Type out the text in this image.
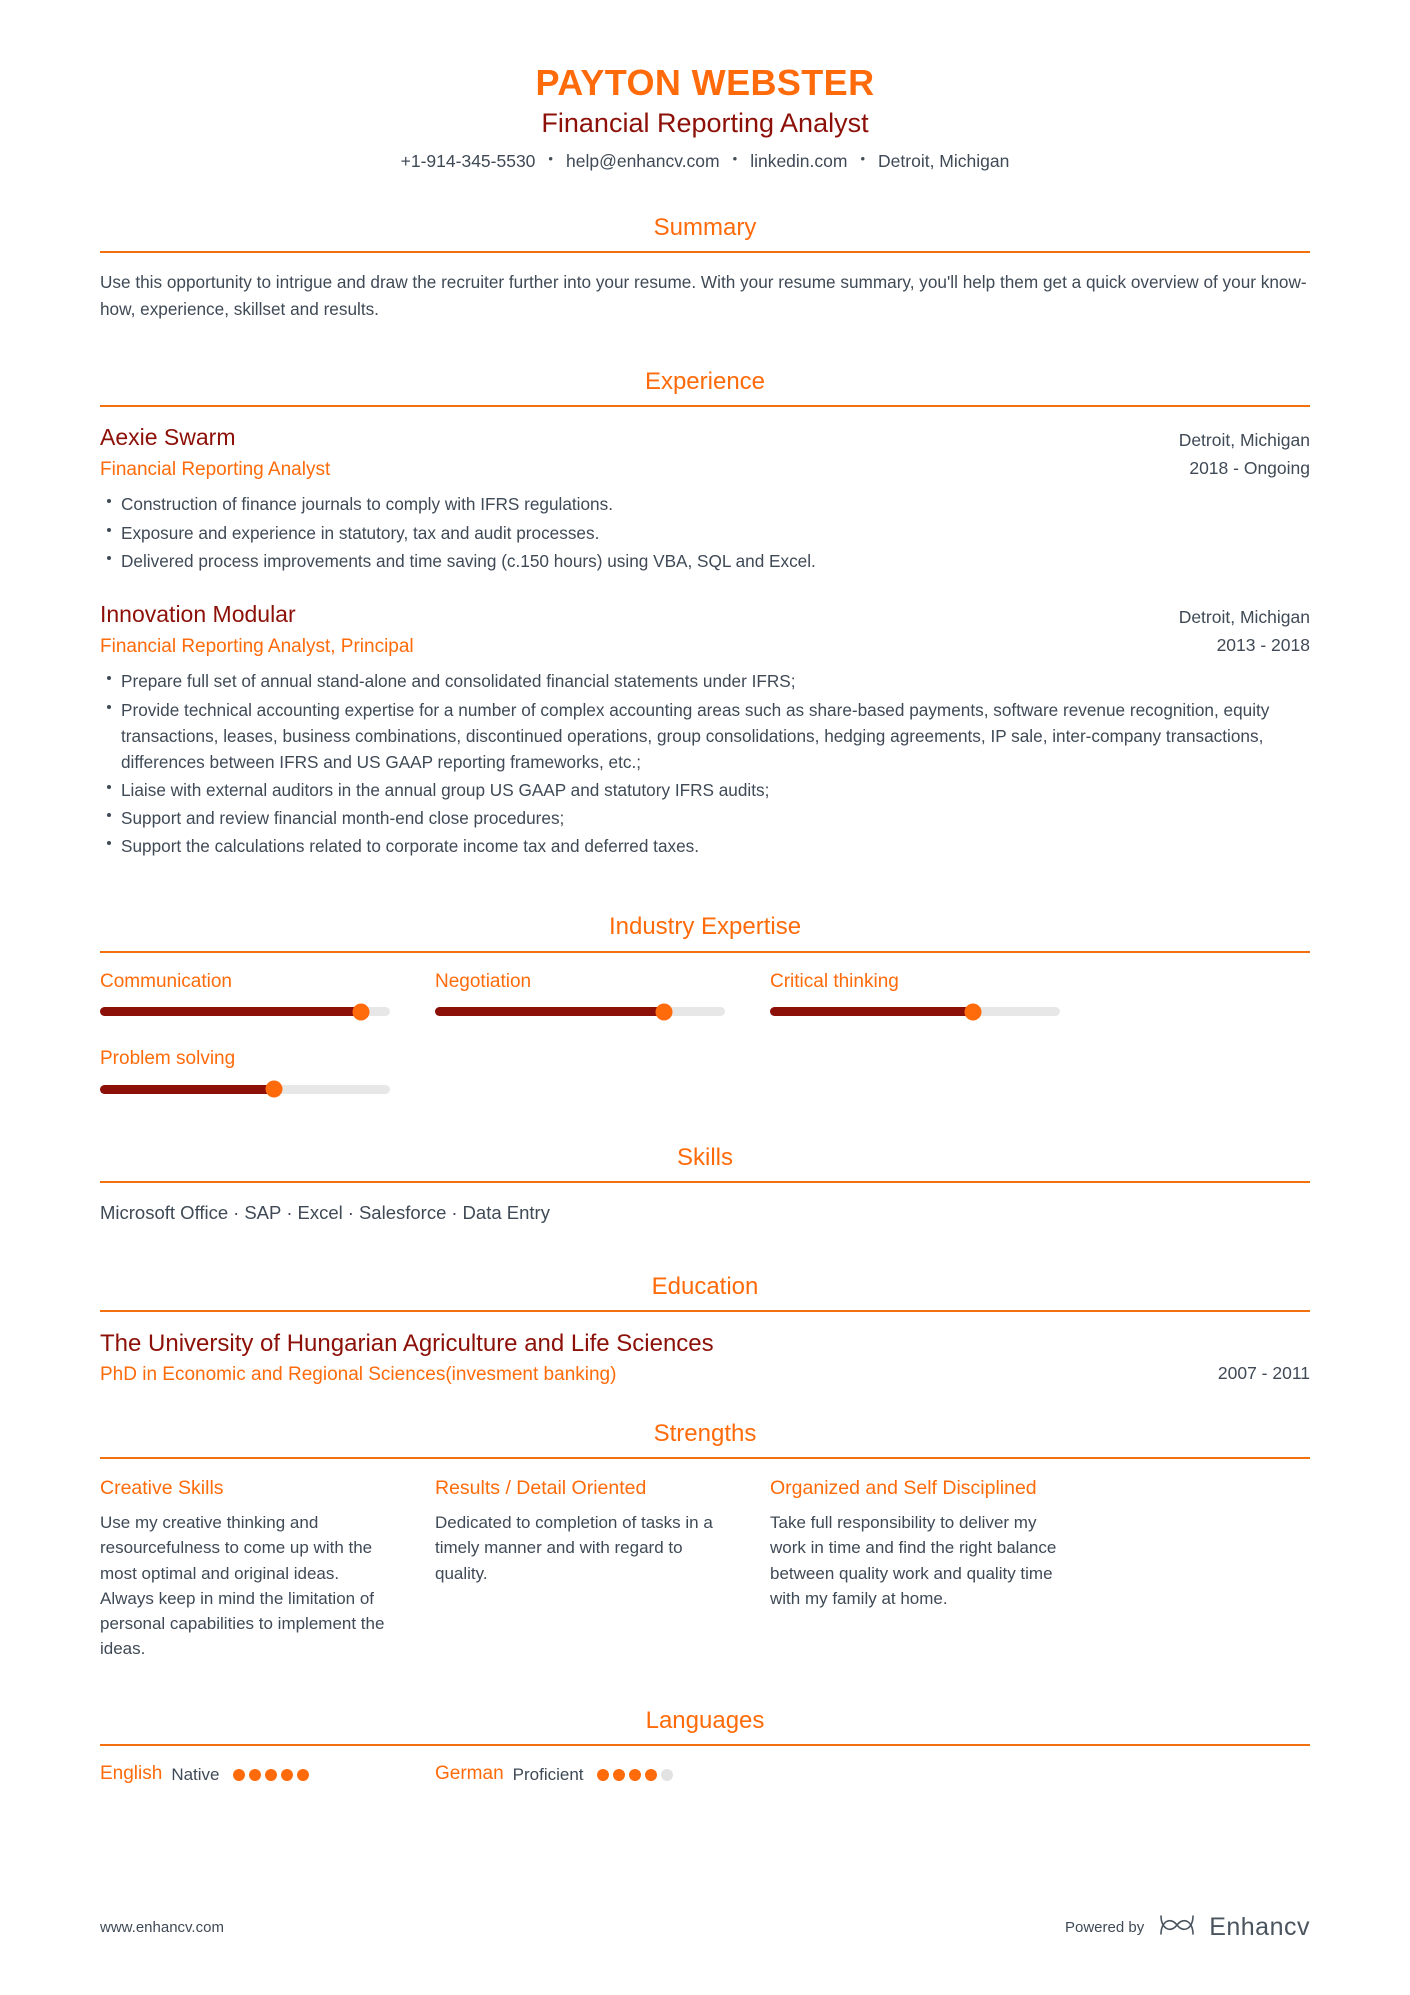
PAYTON WEBSTER
Financial Reporting Analyst
+1-914-345-5530 • help@enhancv.com • linkedin.com • Detroit, Michigan
Summary
Use this opportunity to intrigue and draw the recruiter further into your resume. With your resume summary, you'll help them get a quick overview of your know-how, experience, skillset and results.
Experience
Aexie Swarm
Financial Reporting Analyst
Detroit, Michigan
2018 - Ongoing
Construction of finance journals to comply with IFRS regulations.
Exposure and experience in statutory, tax and audit processes.
Delivered process improvements and time saving (c.150 hours) using VBA, SQL and Excel.
Innovation Modular
Financial Reporting Analyst, Principal
Detroit, Michigan
2013 - 2018
Prepare full set of annual stand-alone and consolidated financial statements under IFRS;
Provide technical accounting expertise for a number of complex accounting areas such as share-based payments, software revenue recognition, equity transactions, leases, business combinations, discontinued operations, group consolidations, hedging agreements, IP sale, inter-company transactions, differences between IFRS and US GAAP reporting frameworks, etc.;
Liaise with external auditors in the annual group US GAAP and statutory IFRS audits;
Support and review financial month-end close procedures;
Support the calculations related to corporate income tax and deferred taxes.
Industry Expertise
Communication	Negotiation	Critical thinking
Problem solving
Skills
Microsoft Office · SAP · Excel · Salesforce · Data Entry
Education
The University of Hungarian Agriculture and Life Sciences
PhD in Economic and Regional Sciences(invesment banking)	2007 - 2011
Strengths
Creative Skills
Use my creative thinking and resourcefulness to come up with the most optimal and original ideas. Always keep in mind the limitation of personal capabilities to implement the ideas.
Results / Detail Oriented
Dedicated to completion of tasks in a timely manner and with regard to quality.
Organized and Self Disciplined
Take full responsibility to deliver my work in time and find the right balance between quality work and quality time with my family at home.
Languages
English Native	German Proficient
www.enhancv.com	Powered by	Enhancv
